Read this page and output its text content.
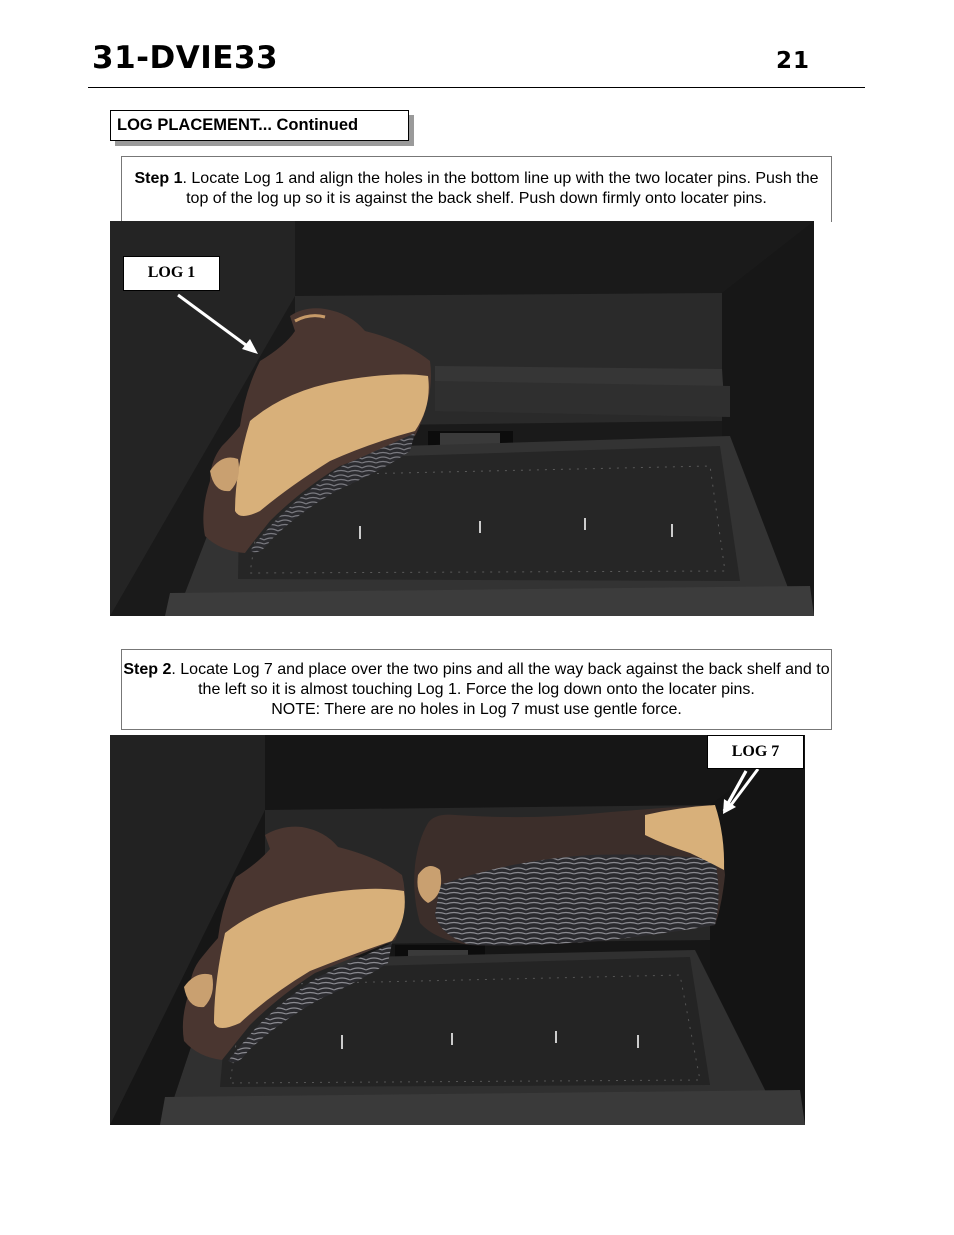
31-DVIE33	21
LOG PLACEMENT... Continued
Step 1. Locate Log 1 and align the holes in the bottom line up with the two locater pins. Push the top of the log up so it is against the back shelf. Push down firmly onto locater pins.
LOG 1
Step 2. Locate Log 7 and place over the two pins and all the way back against the back shelf and to the left so it is almost touching Log 1. Force the log down onto the locater pins.
NOTE: There are no holes in Log 7 must use gentle force.
LOG 7
